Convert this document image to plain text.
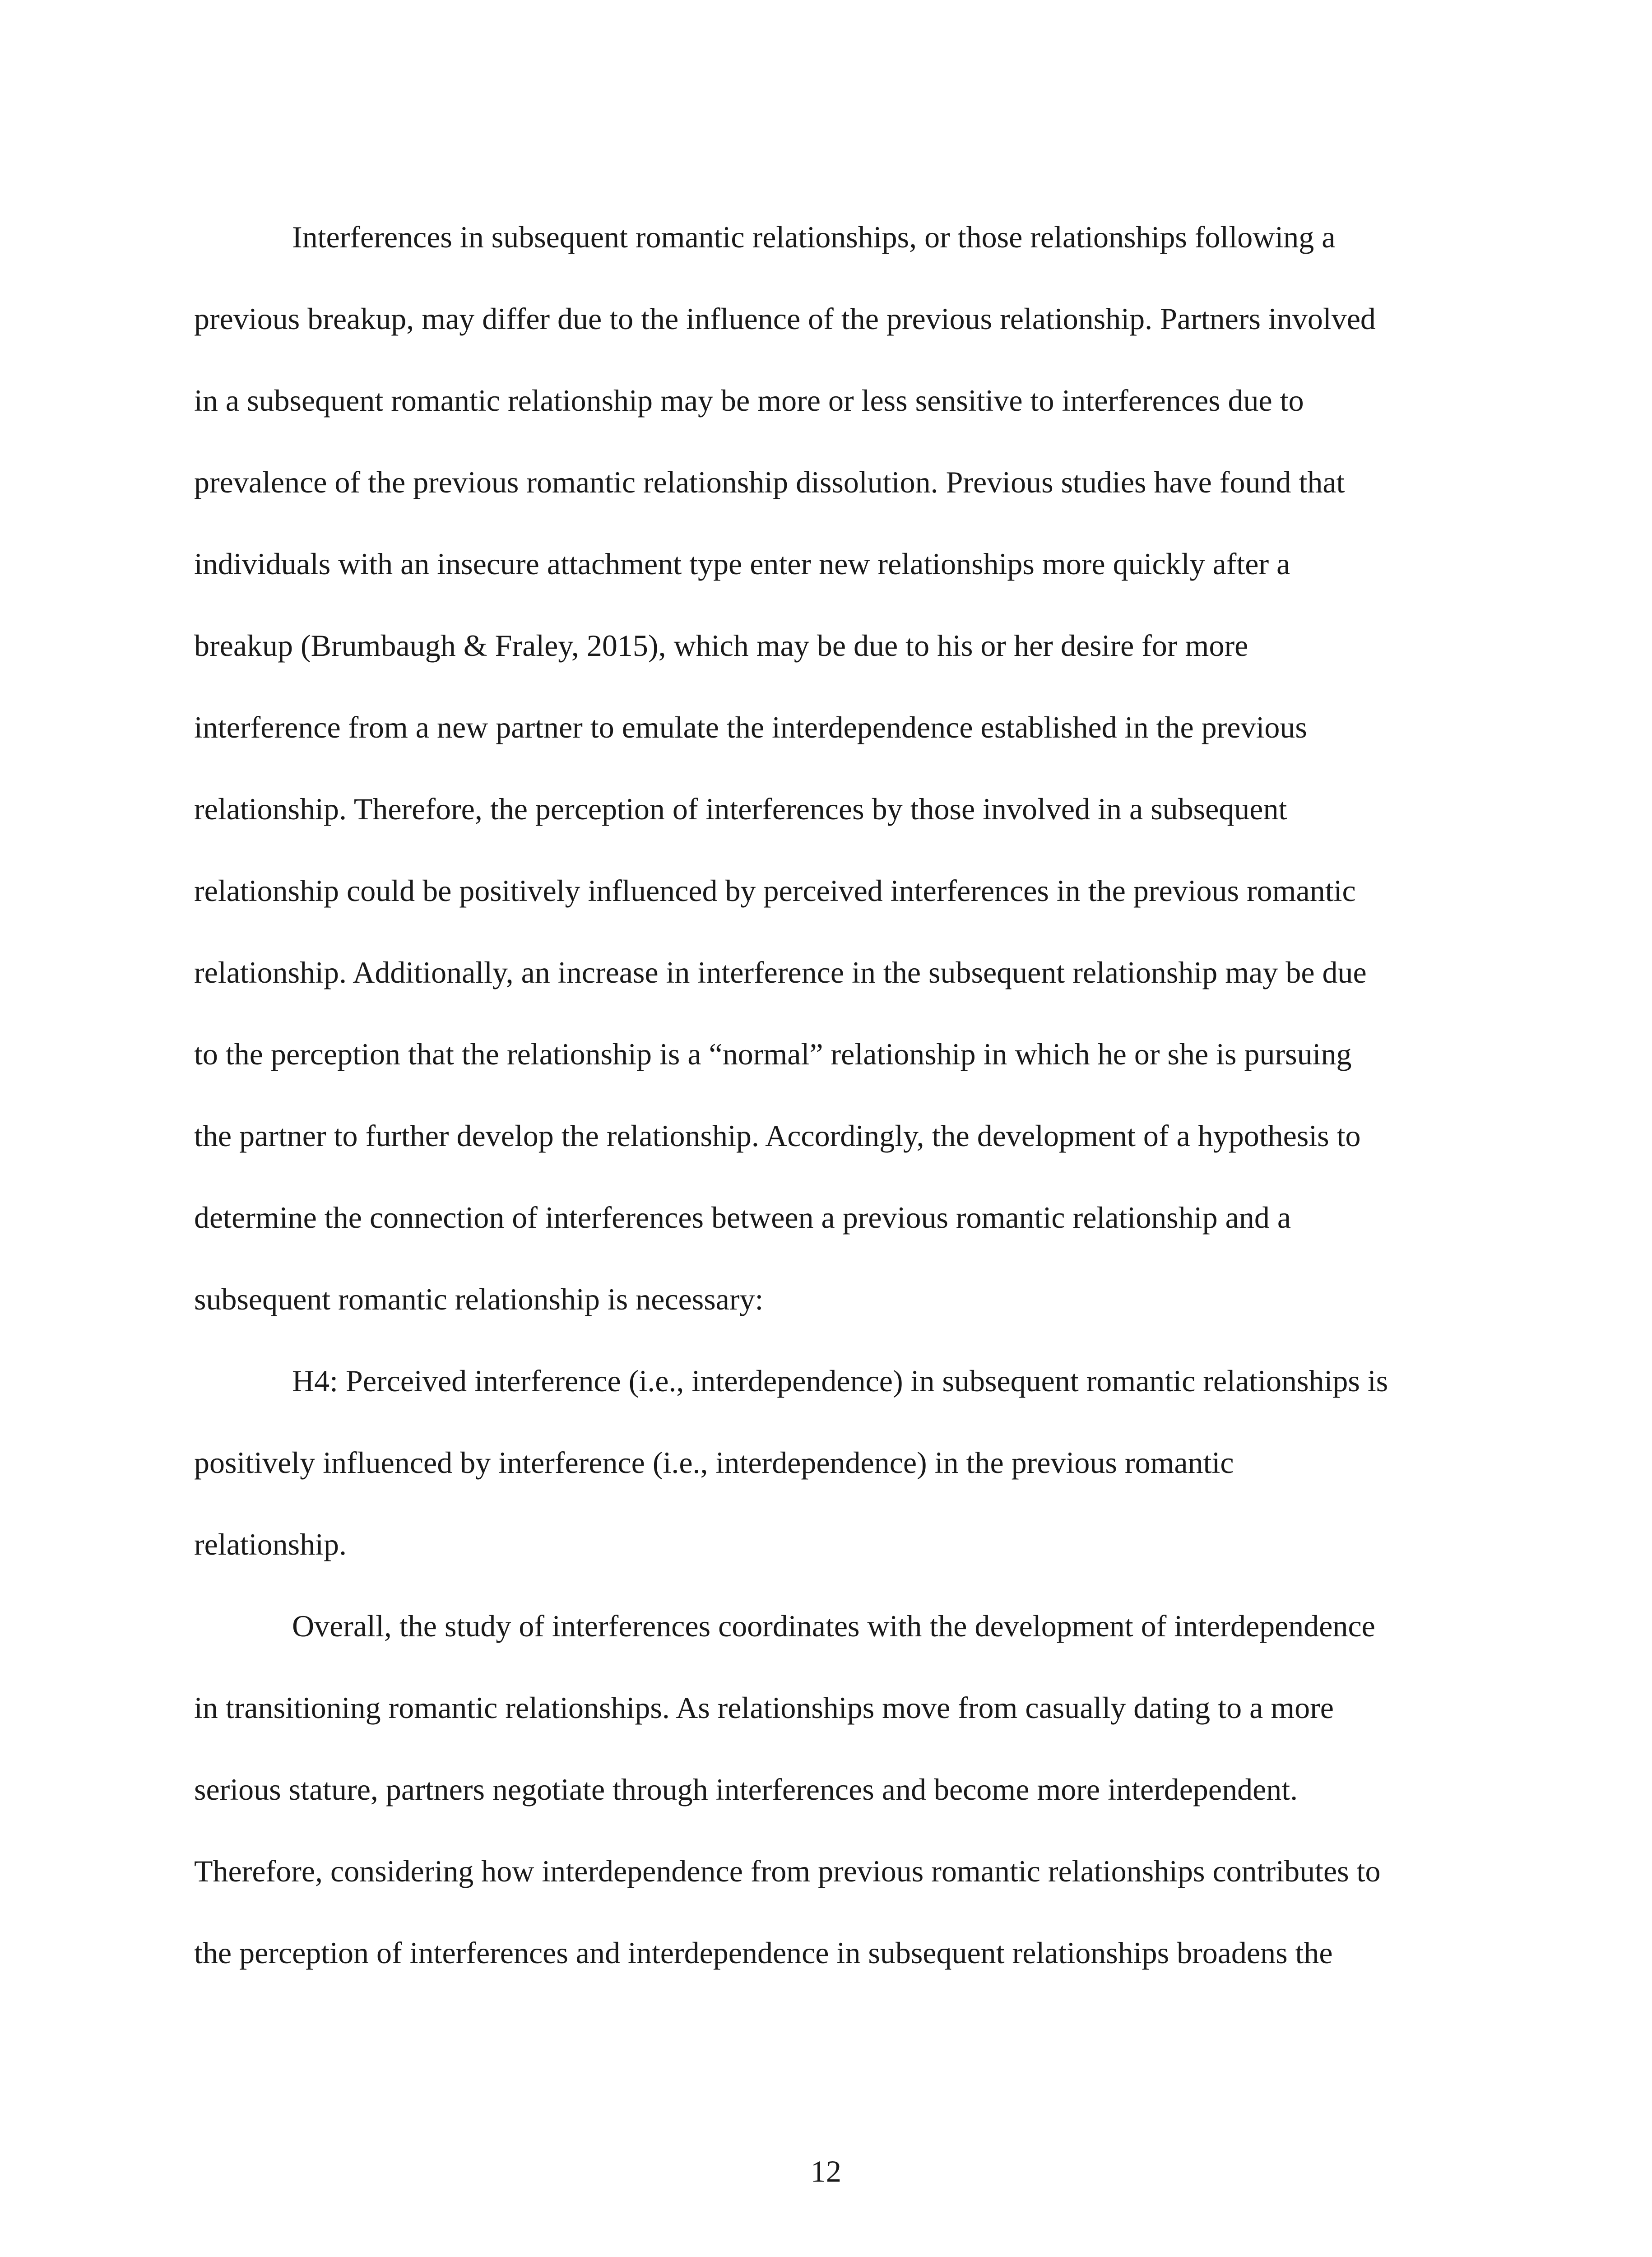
Interferences in subsequent romantic relationships, or those relationships following a
previous breakup, may differ due to the influence of the previous relationship. Partners involved
in a subsequent romantic relationship may be more or less sensitive to interferences due to
prevalence of the previous romantic relationship dissolution. Previous studies have found that
individuals with an insecure attachment type enter new relationships more quickly after a
breakup (Brumbaugh & Fraley, 2015), which may be due to his or her desire for more
interference from a new partner to emulate the interdependence established in the previous
relationship. Therefore, the perception of interferences by those involved in a subsequent
relationship could be positively influenced by perceived interferences in the previous romantic
relationship. Additionally, an increase in interference in the subsequent relationship may be due
to the perception that the relationship is a “normal” relationship in which he or she is pursuing
the partner to further develop the relationship. Accordingly, the development of a hypothesis to
determine the connection of interferences between a previous romantic relationship and a
subsequent romantic relationship is necessary:
H4: Perceived interference (i.e., interdependence) in subsequent romantic relationships is
positively influenced by interference (i.e., interdependence) in the previous romantic
relationship.
Overall, the study of interferences coordinates with the development of interdependence
in transitioning romantic relationships. As relationships move from casually dating to a more
serious stature, partners negotiate through interferences and become more interdependent.
Therefore, considering how interdependence from previous romantic relationships contributes to
the perception of interferences and interdependence in subsequent relationships broadens the
12
